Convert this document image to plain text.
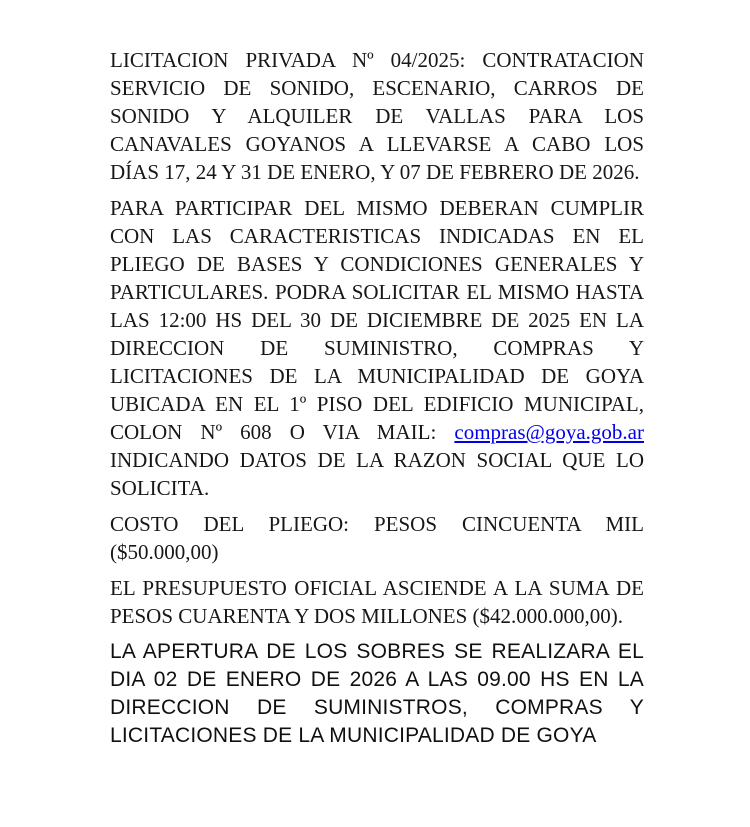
LICITACION PRIVADA Nº 04/2025: CONTRATACION SERVICIO DE SONIDO, ESCENARIO, CARROS DE SONIDO Y ALQUILER DE VALLAS PARA LOS CANAVALES GOYANOS A LLEVARSE A CABO LOS DÍAS 17, 24 Y 31 DE ENERO, Y 07 DE FEBRERO DE 2026.

PARA PARTICIPAR DEL MISMO DEBERAN CUMPLIR CON LAS CARACTERISTICAS INDICADAS EN EL PLIEGO DE BASES Y CONDICIONES GENERALES Y PARTICULARES. PODRA SOLICITAR EL MISMO HASTA LAS 12:00 HS DEL 30 DE DICIEMBRE DE 2025 EN LA DIRECCION DE SUMINISTRO, COMPRAS Y LICITACIONES DE LA MUNICIPALIDAD DE GOYA UBICADA EN EL 1º PISO DEL EDIFICIO MUNICIPAL, COLON Nº 608 O VIA MAIL: compras@goya.gob.ar INDICANDO DATOS DE LA RAZON SOCIAL QUE LO SOLICITA.

COSTO DEL PLIEGO: PESOS CINCUENTA MIL ($50.000,00)

EL PRESUPUESTO OFICIAL ASCIENDE A LA SUMA DE PESOS CUARENTA Y DOS MILLONES ($42.000.000,00).

LA APERTURA DE LOS SOBRES SE REALIZARA EL DIA 02 DE ENERO DE 2026 A LAS 09.00 HS EN LA DIRECCION DE SUMINISTROS, COMPRAS Y LICITACIONES DE LA MUNICIPALIDAD DE GOYA
